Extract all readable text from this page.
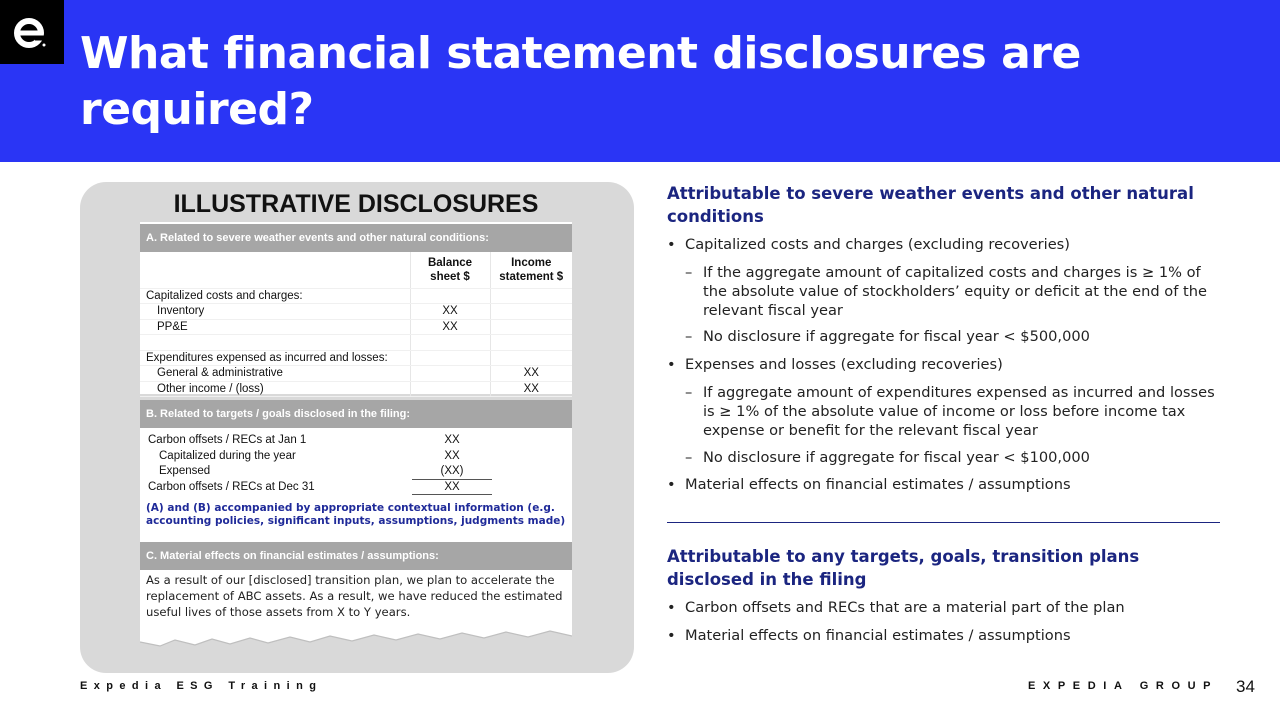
What financial statement disclosures are required?
ILLUSTRATIVE DISCLOSURES
A. Related to severe weather events and other natural conditions:
	Balance sheet $	Income statement $
Capitalized costs and charges:		
Inventory	XX	
PP&E	XX	

Expenditures expensed as incurred and losses:		
General & administrative		XX
Other income / (loss)		XX
B. Related to targets / goals disclosed in the filing:
Carbon offsets / RECs at Jan 1	XX
Capitalized during the year	XX
Expensed	(XX)
Carbon offsets / RECs at Dec 31	XX
(A) and (B) accompanied by appropriate contextual information (e.g. accounting policies, significant inputs, assumptions, judgments made)
C. Material effects on financial estimates / assumptions:
As a result of our [disclosed] transition plan, we plan to accelerate the replacement of ABC assets. As a result, we have reduced the estimated useful lives of those assets from X to Y years.
Attributable to severe weather events and other natural conditions
• Capitalized costs and charges (excluding recoveries)
– If the aggregate amount of capitalized costs and charges is ≥ 1% of the absolute value of stockholders’ equity or deficit at the end of the relevant fiscal year
– No disclosure if aggregate for fiscal year < $500,000
• Expenses and losses (excluding recoveries)
– If aggregate amount of expenditures expensed as incurred and losses is ≥ 1% of the absolute value of income or loss before income tax expense or benefit for the relevant fiscal year
– No disclosure if aggregate for fiscal year < $100,000
• Material effects on financial estimates / assumptions
Attributable to any targets, goals, transition plans disclosed in the filing
• Carbon offsets and RECs that are a material part of the plan
• Material effects on financial estimates / assumptions
Expedia ESG Training	EXPEDIA GROUP 34
